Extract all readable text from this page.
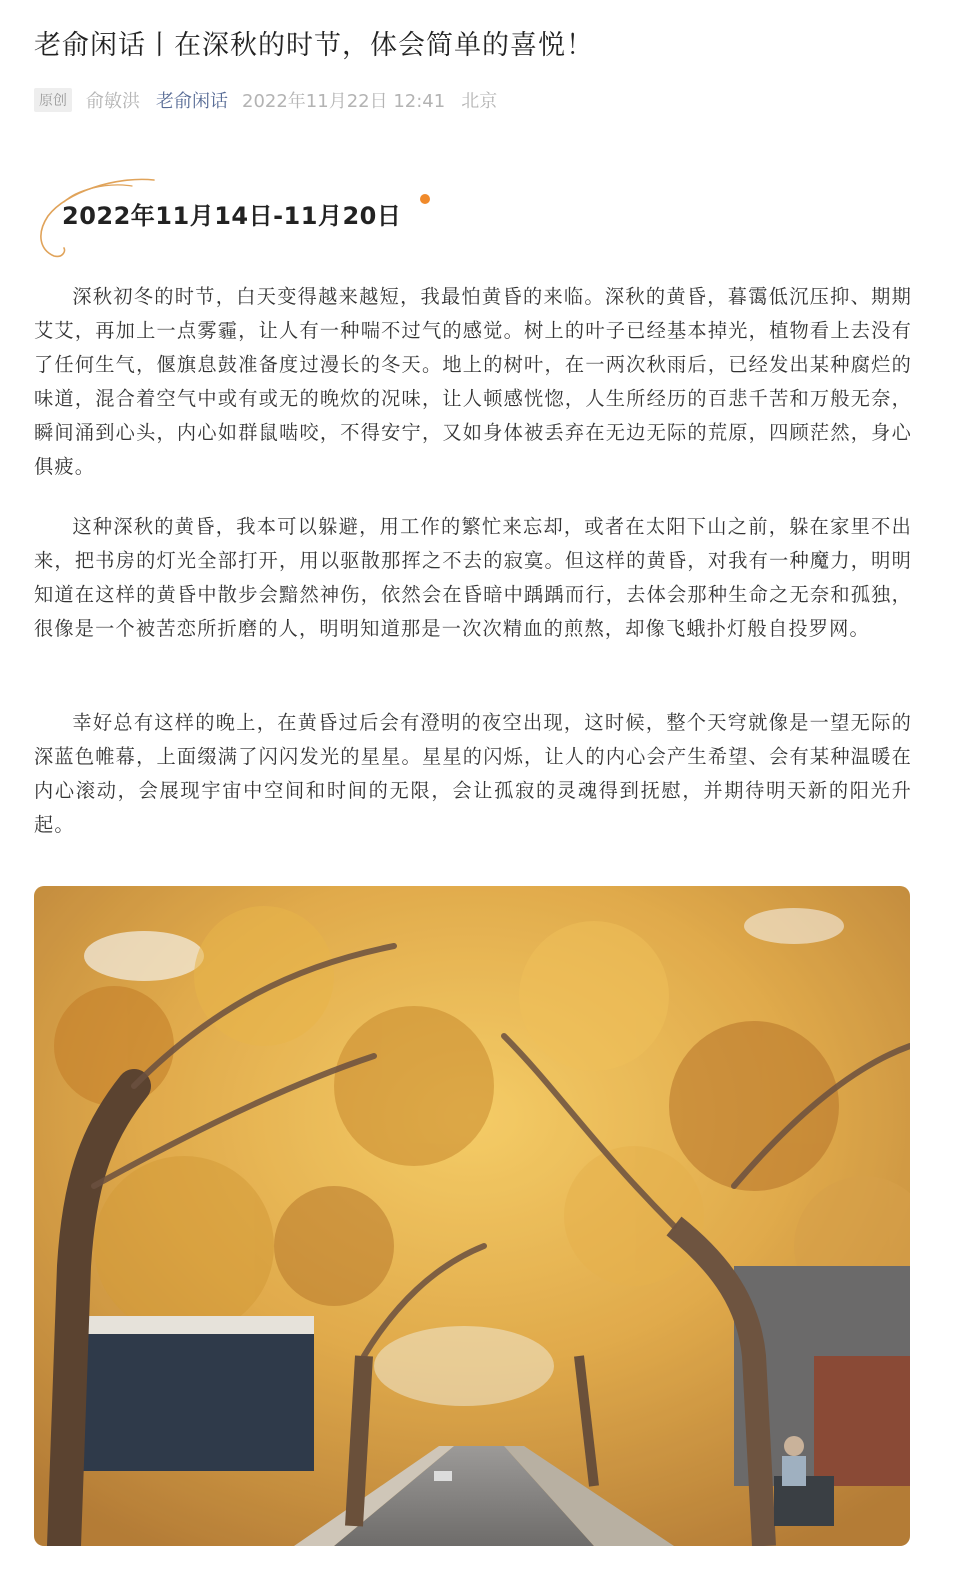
老俞闲话丨在深秋的时节，体会简单的喜悦！
原创 俞敏洪 老俞闲话 2022年11月22日 12:41 北京
2022年11月14日-11月20日

深秋初冬的时节，白天变得越来越短，我最怕黄昏的来临。深秋的黄昏，暮霭低沉压抑、期期艾艾，再加上一点雾霾，让人有一种喘不过气的感觉。树上的叶子已经基本掉光，植物看上去没有了任何生气，偃旗息鼓准备度过漫长的冬天。地上的树叶，在一两次秋雨后，已经发出某种腐烂的味道，混合着空气中或有或无的晚炊的况味，让人顿感恍惚，人生所经历的百悲千苦和万般无奈，瞬间涌到心头，内心如群鼠啮咬，不得安宁，又如身体被丢弃在无边无际的荒原，四顾茫然，身心俱疲。

这种深秋的黄昏，我本可以躲避，用工作的繁忙来忘却，或者在太阳下山之前，躲在家里不出来，把书房的灯光全部打开，用以驱散那挥之不去的寂寞。但这样的黄昏，对我有一种魔力，明明知道在这样的黄昏中散步会黯然神伤，依然会在昏暗中踽踽而行，去体会那种生命之无奈和孤独，很像是一个被苦恋所折磨的人，明明知道那是一次次精血的煎熬，却像飞蛾扑灯般自投罗网。

幸好总有这样的晚上，在黄昏过后会有澄明的夜空出现，这时候，整个天穹就像是一望无际的深蓝色帷幕，上面缀满了闪闪发光的星星。星星的闪烁，让人的内心会产生希望、会有某种温暖在内心滚动，会展现宇宙中空间和时间的无限，会让孤寂的灵魂得到抚慰，并期待明天新的阳光升起。
